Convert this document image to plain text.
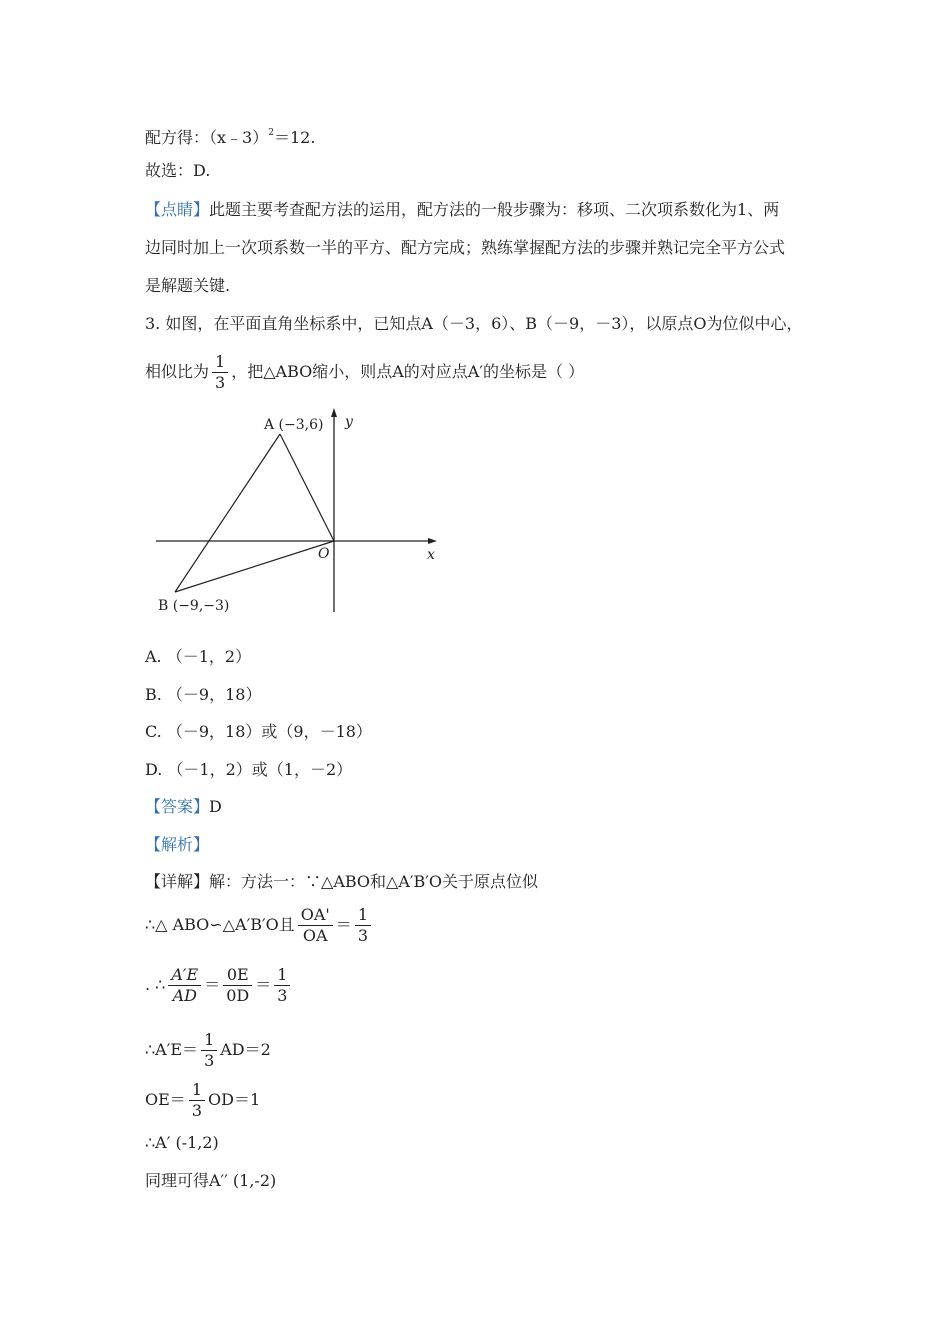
配方得：（x﹣3）$^2$＝12.
故选：D.
【点睛】此题主要考查配方法的运用，配方法的一般步骤为：移项、二次项系数化为1、两
边同时加上一次项系数一半的平方、配方完成；熟练掌握配方法的步骤并熟记完全平方公式
是解题关键.
3. 如图，在平面直角坐标系中，已知点A（－3，6）、B（－9，－3），以原点O为位似中心，
相似比为 $\frac{1}{3}$ ，把△ABO缩小，则点A的对应点A′的坐标是（ ）
A (−3,6)
B (−9,−3)
O	x
y
A. （－1，2）
B. （－9，18）
C. （－9，18）或（9，－18）
D. （－1，2）或（1，－2）
【答案】D
【解析】
【详解】解：方法一：∵△ABO和△A′B′O关于原点位似
∴△ ABO∽△A′B′O且 $\frac{OA'}{OA} = \frac{1}{3}$
. ∴ $\frac{A'E}{AD} = \frac{0E}{0D} = \frac{1}{3}$
∴A′E＝ $\frac{1}{3} AD=2$
$OE= \frac{1}{3} OD=1$
∴A′ (-1,2)
同理可得A′′ (1,-2)
